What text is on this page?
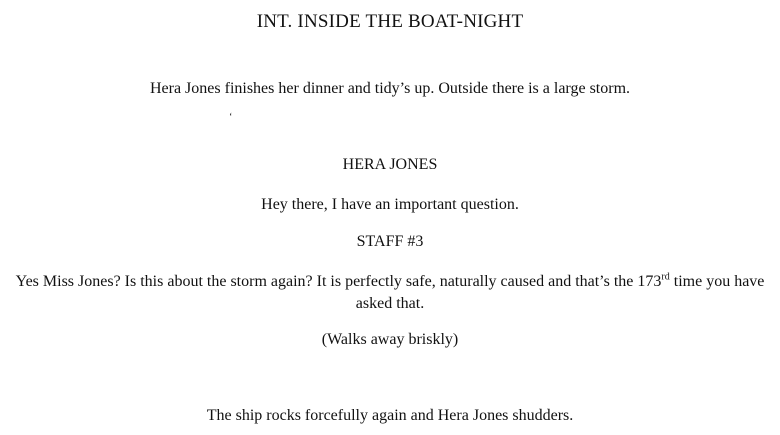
INT. INSIDE THE BOAT-NIGHT
Hera Jones finishes her dinner and tidy’s up. Outside there is a large storm.
‘
HERA JONES
Hey there, I have an important question.
STAFF #3
Yes Miss Jones? Is this about the storm again? It is perfectly safe, naturally caused and that’s the 173rd time you have asked that.
(Walks away briskly)
The ship rocks forcefully again and Hera Jones shudders.
